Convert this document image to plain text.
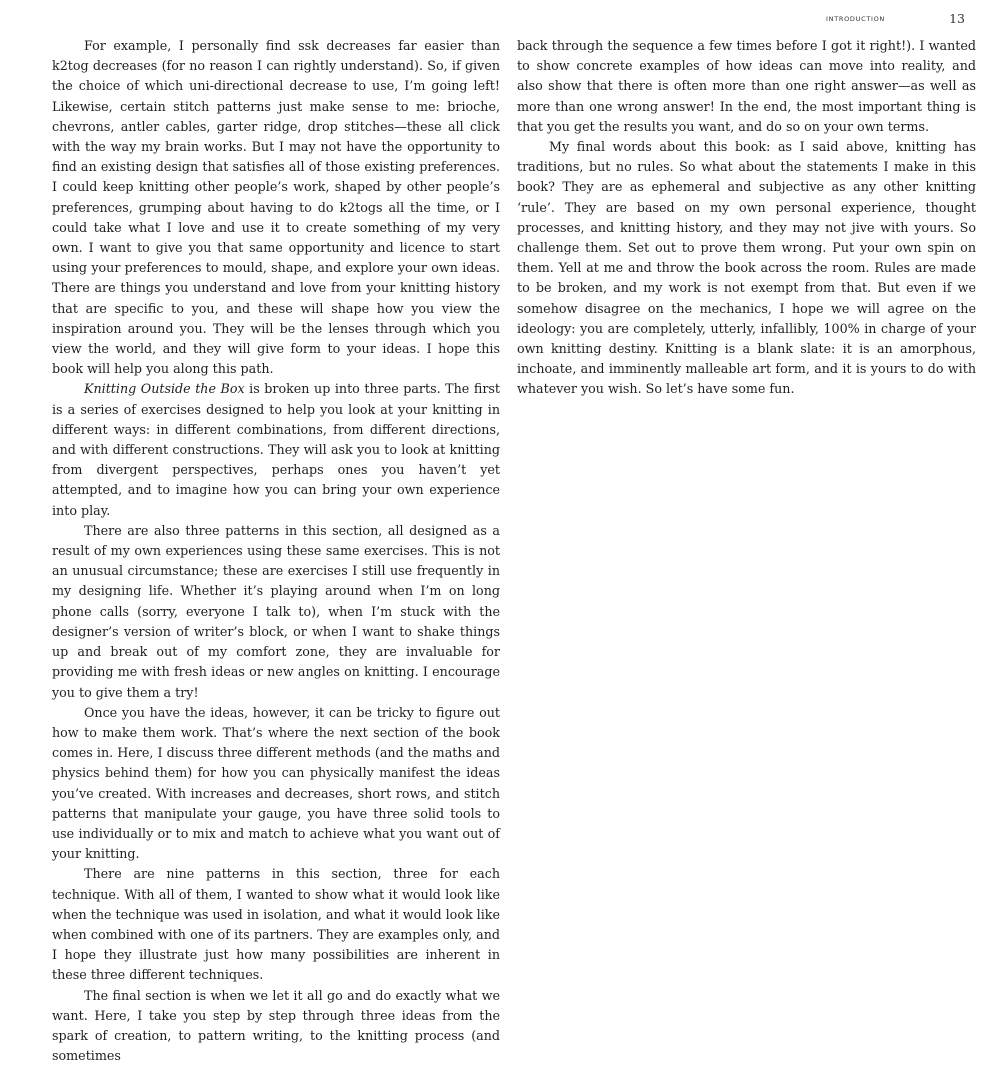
INTRODUCTION	13

For example, I personally find ssk decreases far easier than k2tog decreases (for no reason I can rightly understand). So, if given the choice of which uni-directional decrease to use, I’m going left! Likewise, certain stitch patterns just make sense to me: brioche, chevrons, antler cables, garter ridge, drop stitches—these all click with the way my brain works. But I may not have the opportunity to find an existing design that satisfies all of those existing preferences. I could keep knitting other people’s work, shaped by other people’s preferences, grumping about having to do k2togs all the time, or I could take what I love and use it to create something of my very own. I want to give you that same opportunity and licence to start using your preferences to mould, shape, and explore your own ideas. There are things you understand and love from your knitting history that are specific to you, and these will shape how you view the inspiration around you. They will be the lenses through which you view the world, and they will give form to your ideas. I hope this book will help you along this path.

Knitting Outside the Box is broken up into three parts. The first is a series of exercises designed to help you look at your knitting in different ways: in different combinations, from different directions, and with different constructions. They will ask you to look at knitting from divergent perspectives, perhaps ones you haven’t yet attempted, and to imagine how you can bring your own experience into play.

There are also three patterns in this section, all designed as a result of my own experiences using these same exercises. This is not an unusual circumstance; these are exercises I still use frequently in my designing life. Whether it’s playing around when I’m on long phone calls (sorry, everyone I talk to), when I’m stuck with the designer’s version of writer’s block, or when I want to shake things up and break out of my comfort zone, they are invaluable for providing me with fresh ideas or new angles on knitting. I encourage you to give them a try!

Once you have the ideas, however, it can be tricky to figure out how to make them work. That’s where the next section of the book comes in. Here, I discuss three different methods (and the maths and physics behind them) for how you can physically manifest the ideas you’ve created. With increases and decreases, short rows, and stitch patterns that manipulate your gauge, you have three solid tools to use individually or to mix and match to achieve what you want out of your knitting.

There are nine patterns in this section, three for each technique. With all of them, I wanted to show what it would look like when the technique was used in isolation, and what it would look like when combined with one of its partners. They are examples only, and I hope they illustrate just how many possibilities are inherent in these three different techniques.

The final section is when we let it all go and do exactly what we want. Here, I take you step by step through three ideas from the spark of creation, to pattern writing, to the knitting process (and sometimes

back through the sequence a few times before I got it right!). I wanted to show concrete examples of how ideas can move into reality, and also show that there is often more than one right answer—as well as more than one wrong answer! In the end, the most important thing is that you get the results you want, and do so on your own terms.

My final words about this book: as I said above, knitting has traditions, but no rules. So what about the statements I make in this book? They are as ephemeral and subjective as any other knitting ‘rule’. They are based on my own personal experience, thought processes, and knitting history, and they may not jive with yours. So challenge them. Set out to prove them wrong. Put your own spin on them. Yell at me and throw the book across the room. Rules are made to be broken, and my work is not exempt from that. But even if we somehow disagree on the mechanics, I hope we will agree on the ideology: you are completely, utterly, infallibly, 100% in charge of your own knitting destiny. Knitting is a blank slate: it is an amorphous, inchoate, and imminently malleable art form, and it is yours to do with whatever you wish. So let’s have some fun.
